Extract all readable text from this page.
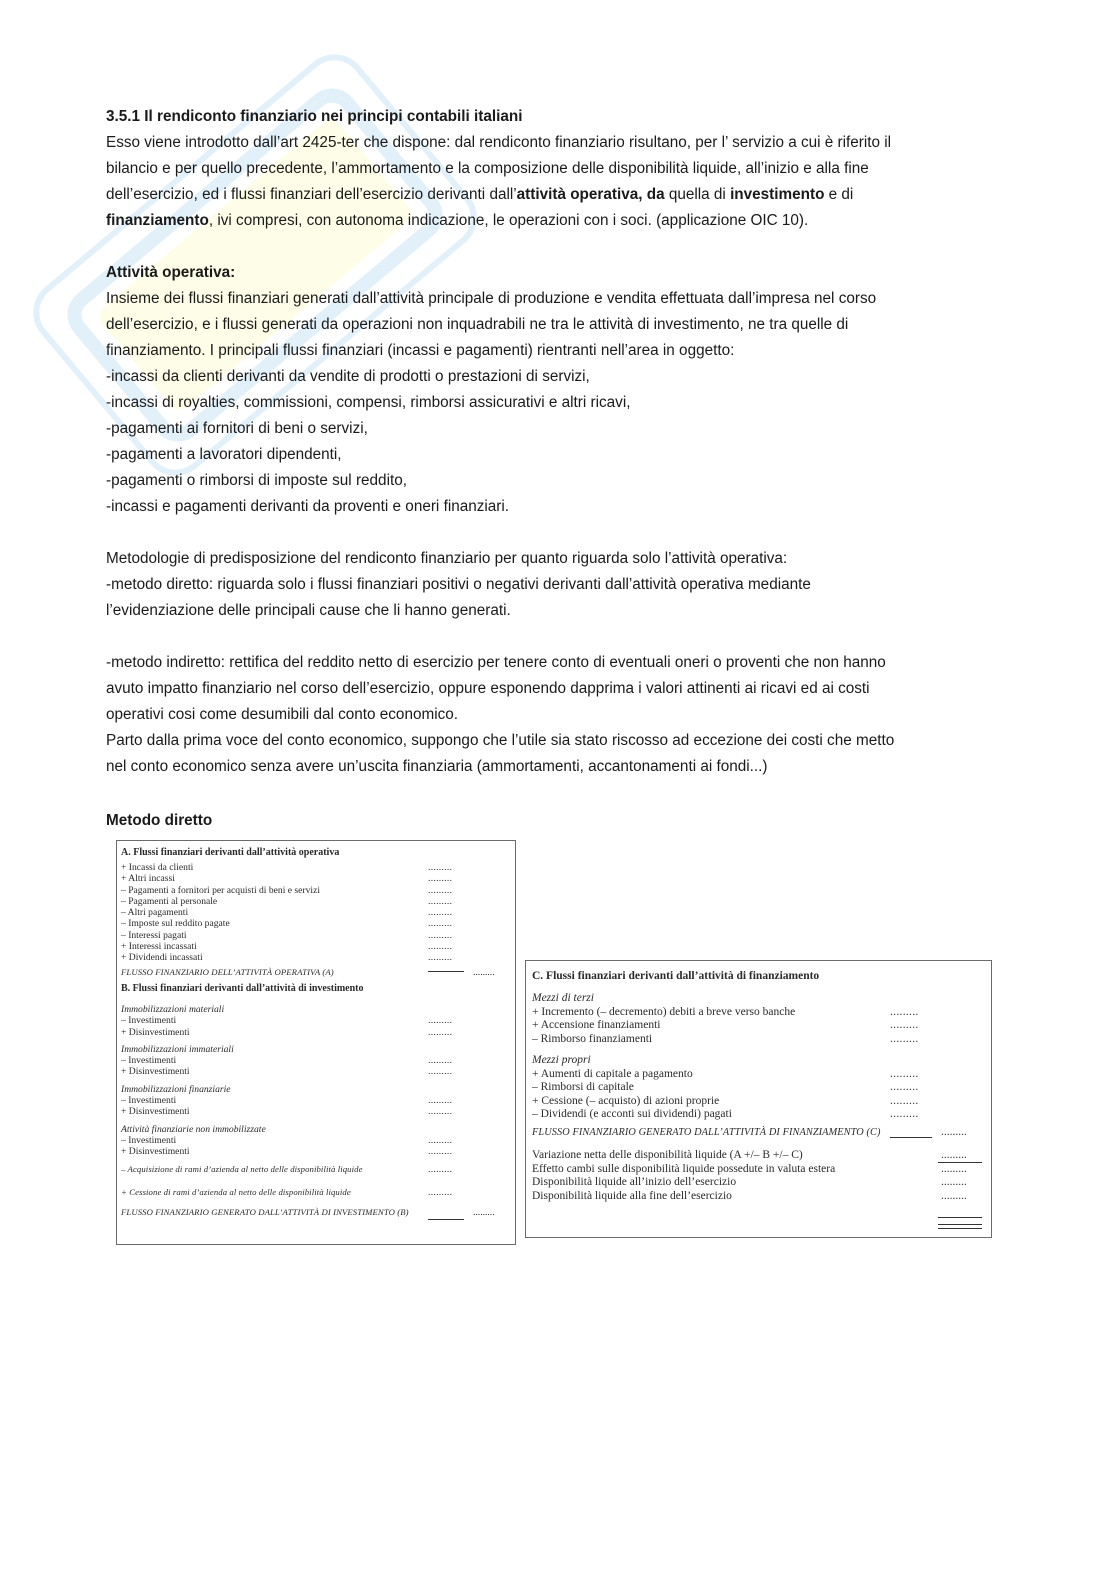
3.5.1 Il rendiconto finanziario nei principi contabili italiani

Esso viene introdotto dall’art 2425-ter che dispone: dal rendiconto finanziario risultano, per l’ servizio a cui è riferito il

bilancio e per quello precedente, l’ammortamento e la composizione delle disponibilità liquide, all’inizio e alla fine

dell’esercizio, ed i flussi finanziari dell’esercizio derivanti dall’attività operativa, da quella di investimento e di

finanziamento, ivi compresi, con autonoma indicazione, le operazioni con i soci. (applicazione OIC 10).

Attività operativa:

Insieme dei flussi finanziari generati dall’attività principale di produzione e vendita effettuata dall’impresa nel corso

dell’esercizio, e i flussi generati da operazioni non inquadrabili ne tra le attività di investimento, ne tra quelle di

finanziamento. I principali flussi finanziari (incassi e pagamenti) rientranti nell’area in oggetto:

-incassi da clienti derivanti da vendite di prodotti o prestazioni di servizi,
-incassi di royalties, commissioni, compensi, rimborsi assicurativi e altri ricavi,
-pagamenti ai fornitori di beni o servizi,
-pagamenti a lavoratori dipendenti,
-pagamenti o rimborsi di imposte sul reddito,
-incassi e pagamenti derivanti da proventi e oneri finanziari.

Metodologie di predisposizione del rendiconto finanziario per quanto riguarda solo l’attività operativa:

-metodo diretto: riguarda solo i flussi finanziari positivi o negativi derivanti dall’attività operativa mediante

l’evidenziazione delle principali cause che li hanno generati.

-metodo indiretto: rettifica del reddito netto di esercizio per tenere conto di eventuali oneri o proventi che non hanno

avuto impatto finanziario nel corso dell’esercizio, oppure esponendo dapprima i valori attinenti ai ricavi ed ai costi

operativi cosi come desumibili dal conto economico.

Parto dalla prima voce del conto economico, suppongo che l’utile sia stato riscosso ad eccezione dei costi che metto

nel conto economico senza avere un’uscita finanziaria (ammortamenti, accantonamenti ai fondi...)

Metodo diretto
A. Flussi finanziari derivanti dall’attività operativa
+ Incassi da clienti	.........
+ Altri incassi	.........
– Pagamenti a fornitori per acquisti di beni e servizi	.........
– Pagamenti al personale	.........
– Altri pagamenti	.........
– Imposte sul reddito pagate	.........
– Interessi pagati	.........
+ Interessi incassati	.........
+ Dividendi incassati	.........
FLUSSO FINANZIARIO DELL’ATTIVITÀ OPERATIVA (A)	.........
B. Flussi finanziari derivanti dall’attività di investimento
Immobilizzazioni materiali
– Investimenti	.........
+ Disinvestimenti	.........
Immobilizzazioni immateriali
– Investimenti	.........
+ Disinvestimenti	.........
Immobilizzazioni finanziarie
– Investimenti	.........
+ Disinvestimenti	.........
Attività finanziarie non immobilizzate
– Investimenti	.........
+ Disinvestimenti	.........
– Acquisizione di rami d’azienda al netto delle disponibilità liquide	.........
+ Cessione di rami d’azienda al netto delle disponibilità liquide	.........
FLUSSO FINANZIARIO GENERATO DALL’ATTIVITÀ DI INVESTIMENTO (B)	.........
C. Flussi finanziari derivanti dall’attività di finanziamento
Mezzi di terzi
+ Incremento (– decremento) debiti a breve verso banche	.........
+ Accensione finanziamenti	.........
– Rimborso finanziamenti	.........
Mezzi propri
+ Aumenti di capitale a pagamento	.........
– Rimborsi di capitale	.........
+ Cessione (– acquisto) di azioni proprie	.........
– Dividendi (e acconti sui dividendi) pagati	.........
FLUSSO FINANZIARIO GENERATO DALL’ATTIVITÀ DI FINANZIAMENTO (C)	.........
Variazione netta delle disponibilità liquide (A +/– B +/– C)	.........
Effetto cambi sulle disponibilità liquide possedute in valuta estera	.........
Disponibilità liquide all’inizio dell’esercizio	.........
Disponibilità liquide alla fine dell’esercizio	.........
